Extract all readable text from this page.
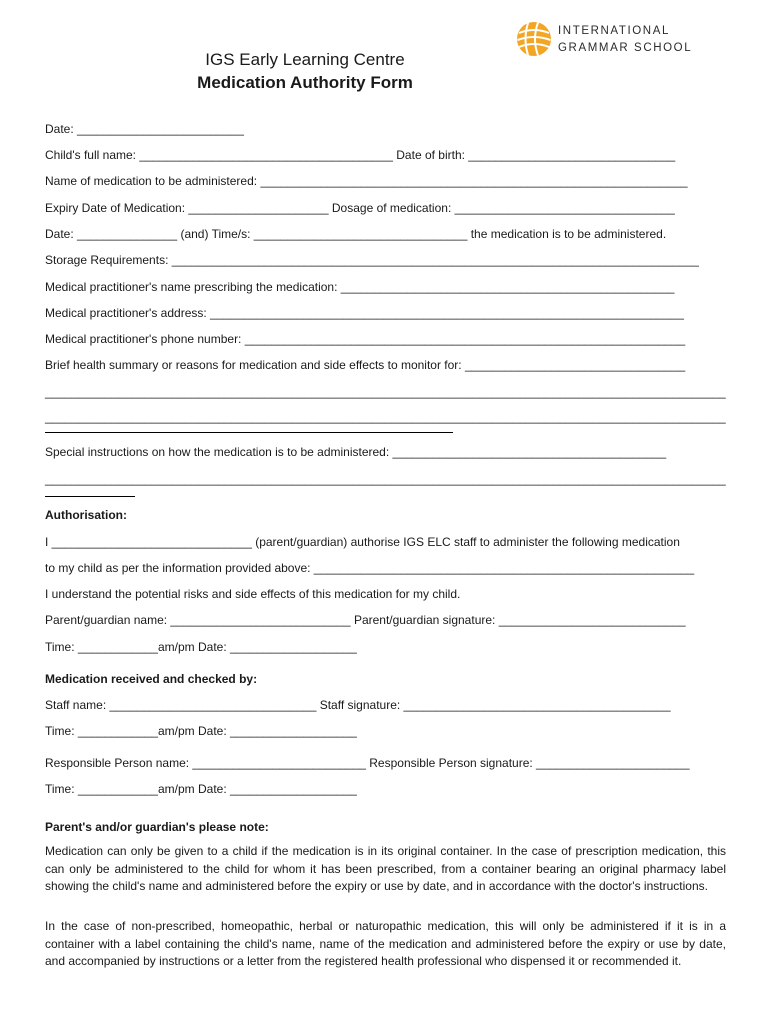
INTERNATIONAL
GRAMMAR SCHOOL
IGS Early Learning Centre
Medication Authority Form
Date: _________________________
Child's full name: ______________________________________ Date of birth: _______________________________
Name of medication to be administered: ________________________________________________________________
Expiry Date of Medication: _____________________ Dosage of medication: _________________________________
Date: _______________ (and) Time/s: ________________________________ the medication is to be administered.
Storage Requirements: _______________________________________________________________________________
Medical practitioner's name prescribing the medication: __________________________________________________
Medical practitioner's address: _______________________________________________________________________
Medical practitioner's phone number: __________________________________________________________________
Brief health summary or reasons for medication and side effects to monitor for: _________________________________
______________________________________________________________________________________________________
______________________________________________________________________________________________________
Special instructions on how the medication is to be administered: _________________________________________
______________________________________________________________________________________________________
Authorisation:
I ______________________________ (parent/guardian) authorise IGS ELC staff to administer the following medication
to my child as per the information provided above: _________________________________________________________
I understand the potential risks and side effects of this medication for my child.
Parent/guardian name: ___________________________ Parent/guardian signature: ____________________________
Time: ____________am/pm Date: ___________________
Medication received and checked by:
Staff name: _______________________________ Staff signature: ________________________________________
Time: ____________am/pm Date: ___________________
Responsible Person name: __________________________ Responsible Person signature: _______________________
Time: ____________am/pm Date: ___________________
Parent's and/or guardian's please note:
Medication can only be given to a child if the medication is in its original container. In the case of prescription medication, this can only be administered to the child for whom it has been prescribed, from a container bearing an original pharmacy label showing the child's name and administered before the expiry or use by date, and in accordance with the doctor's instructions.
In the case of non-prescribed, homeopathic, herbal or naturopathic medication, this will only be administered if it is in a container with a label containing the child's name, name of the medication and administered before the expiry or use by date, and accompanied by instructions or a letter from the registered health professional who dispensed it or recommended it.
